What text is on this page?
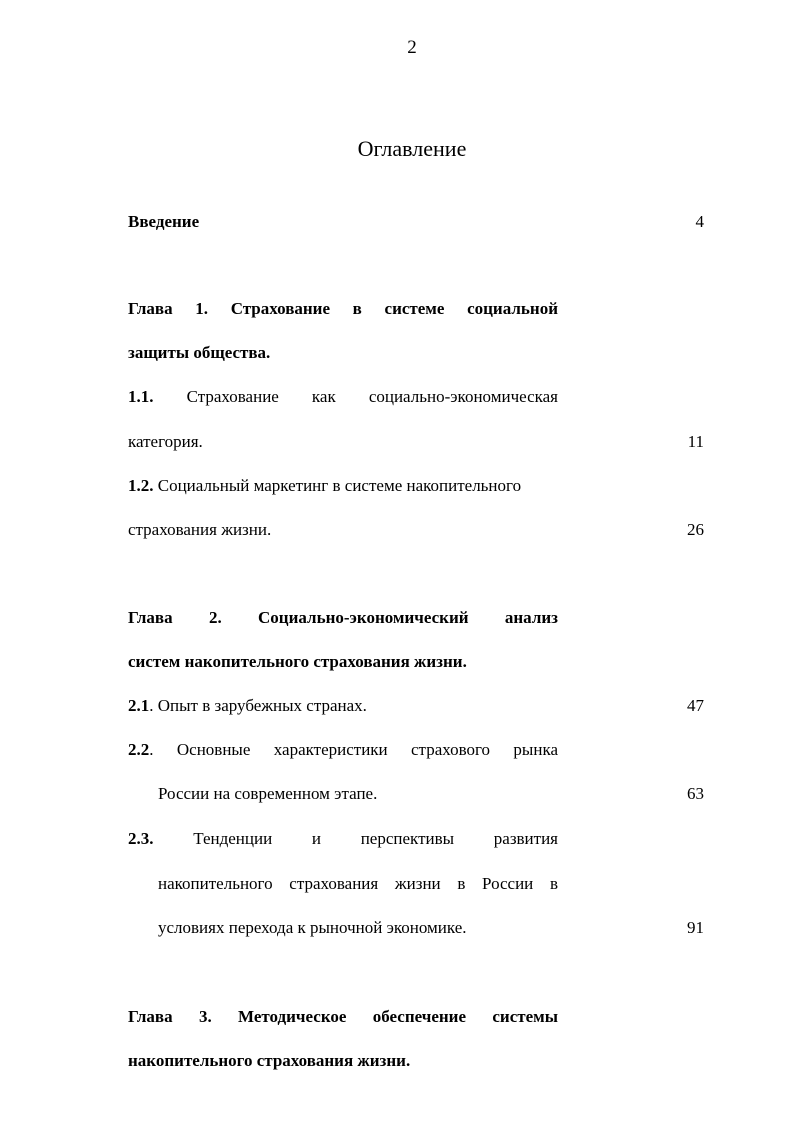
2
Оглавление
Введение	4
Глава 1. Страхование в системе социальной
защиты общества.
1.1. Страхование как социально-экономическая
категория.	11
1.2. Социальный маркетинг в системе накопительного
страхования жизни.	26
Глава 2. Социально-экономический анализ
систем накопительного страхования жизни.
2.1. Опыт в зарубежных странах.	47
2.2. Основные характеристики страхового рынка
России на современном этапе.	63
2.3. Тенденции и перспективы развития
накопительного страхования жизни в России в
условиях перехода к рыночной экономике.	91
Глава 3. Методическое обеспечение системы
накопительного страхования жизни.
